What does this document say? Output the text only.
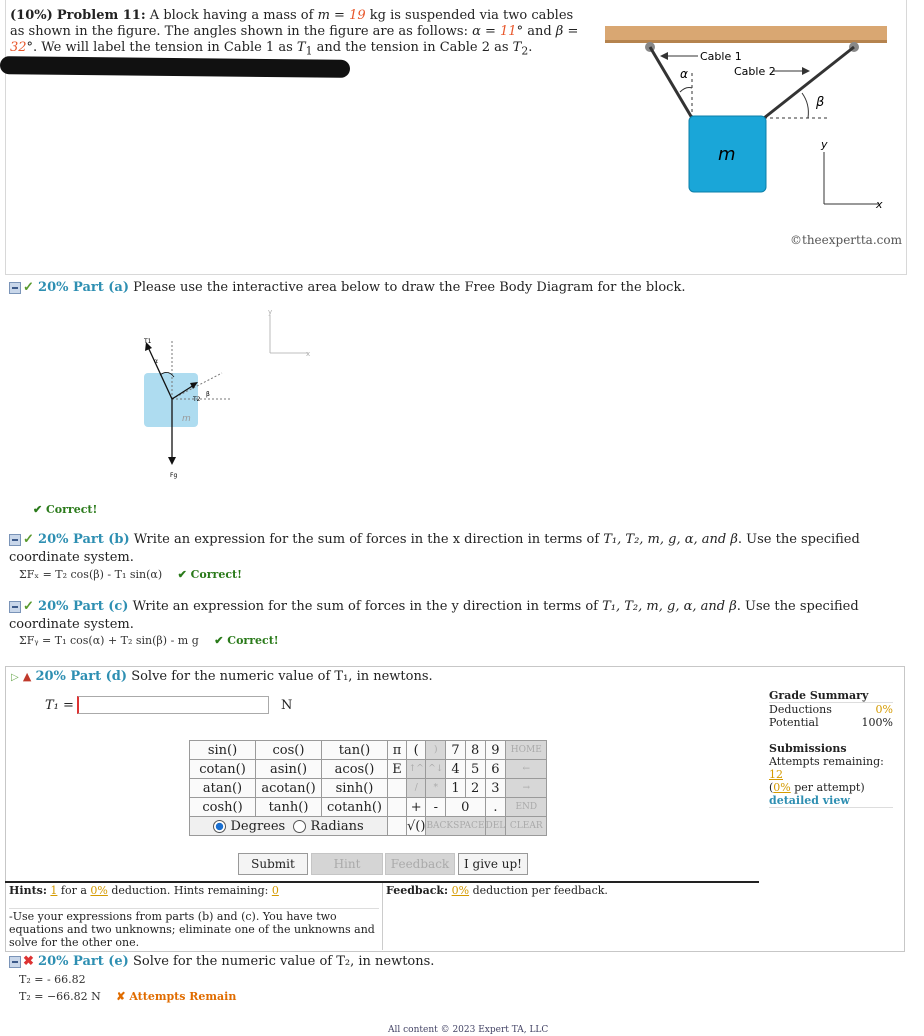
(10%) Problem 11: A block having a mass of m = 19 kg is suspended via two cables as shown in the figure. The angles shown in the figure are as follows: α = 11° and β = 32°. We will label the tension in Cable 1 as $T_1$ and the tension in Cable 2 as $T_2$.
α
β
Cable 1
Cable 2
m	y
x
©theexpertta.com
✓ 20% Part (a) Please use the interactive area below to draw the Free Body Diagram for the block.
y
x
m
T1
α
T2
β
Fg
✔ Correct!
✓ 20% Part (b) Write an expression for the sum of forces in the x direction in terms of T₁, T₂, m, g, α, and β. Use the specified coordinate system.
ΣFₓ = T₂ cos(β) - T₁ sin(α) ✔ Correct!
✓ 20% Part (c) Write an expression for the sum of forces in the y direction in terms of T₁, T₂, m, g, α, and β. Use the specified coordinate system.
ΣFᵧ = T₁ cos(α) + T₂ sin(β) - m g ✔ Correct!
▷ ▲ 20% Part (d) Solve for the numeric value of T₁, in newtons.
T₁ =	N
sin()	cos()	tan()	π	(	)	7	8	9	HOME
cotan()	asin()	acos()	E	↑^	^↓	4	5	6	←
atan()	acotan()	sinh()		/	*	1	2	3	→
cosh()	tanh()	cotanh()		+	-	0		.	END
Degrees Radians				√()	BACKSPACE			DEL	CLEAR
Submit	Hint	Feedback	I give up!
Hints: 1 for a 0% deduction. Hints remaining: 0
-Use your expressions from parts (b) and (c). You have two equations and two unknowns; eliminate one of the unknowns and solve for the other one.
Feedback: 0% deduction per feedback.
Grade Summary
Deductions	0%
Potential	100%
Submissions
Attempts remaining: 12
(0% per attempt)
detailed view
✖ 20% Part (e) Solve for the numeric value of T₂, in newtons.
T₂ = - 66.82
T₂ = −66.82 N ✘ Attempts Remain
All content © 2023 Expert TA, LLC
